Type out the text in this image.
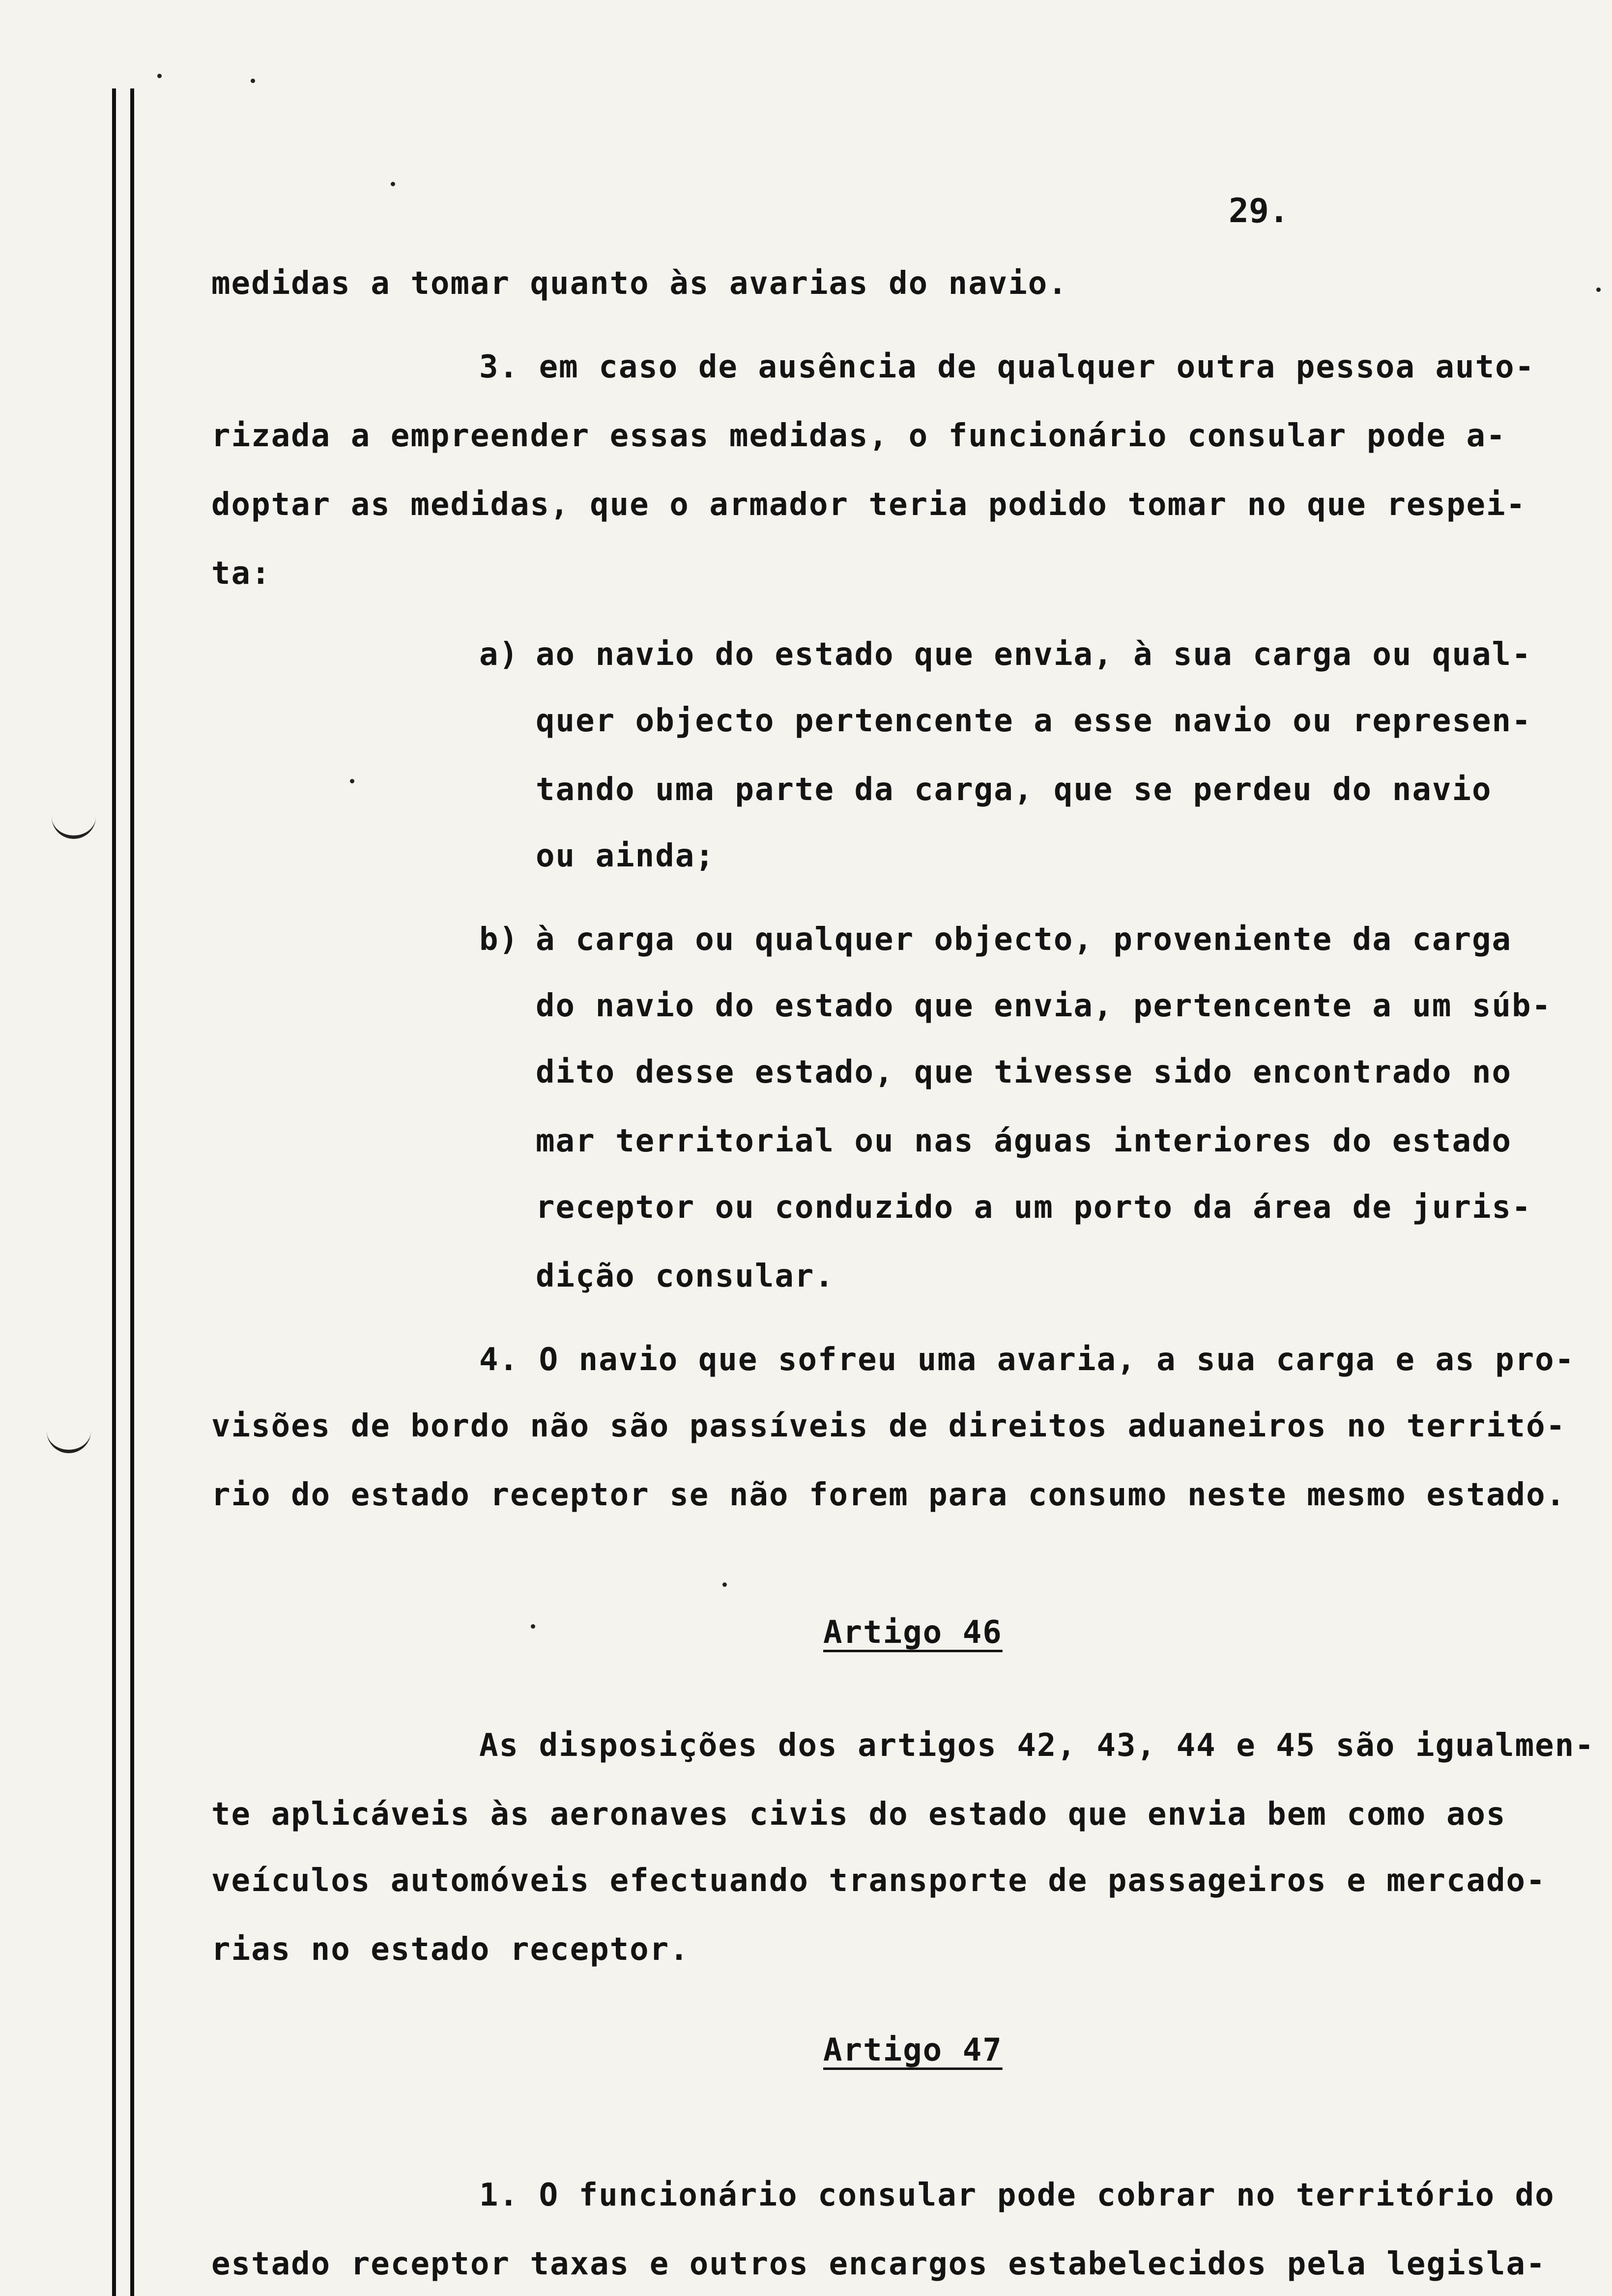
29.
medidas a tomar quanto às avarias do navio.
3. em caso de ausência de qualquer outra pessoa auto-
rizada a empreender essas medidas, o funcionário consular pode a-
doptar as medidas, que o armador teria podido tomar no que respei-
ta:
a) ao navio do estado que envia, à sua carga ou qual-
quer objecto pertencente a esse navio ou represen-
tando uma parte da carga, que se perdeu do navio
ou ainda;
b) à carga ou qualquer objecto, proveniente da carga
do navio do estado que envia, pertencente a um súb-
dito desse estado, que tivesse sido encontrado no
mar territorial ou nas águas interiores do estado
receptor ou conduzido a um porto da área de juris-
dição consular.
4. O navio que sofreu uma avaria, a sua carga e as pro-
visões de bordo não são passíveis de direitos aduaneiros no territó-
rio do estado receptor se não forem para consumo neste mesmo estado.
Artigo 46
As disposições dos artigos 42, 43, 44 e 45 são igualmen-
te aplicáveis às aeronaves civis do estado que envia bem como aos
veículos automóveis efectuando transporte de passageiros e mercado-
rias no estado receptor.
Artigo 47
1. O funcionário consular pode cobrar no território do
estado receptor taxas e outros encargos estabelecidos pela legisla-
